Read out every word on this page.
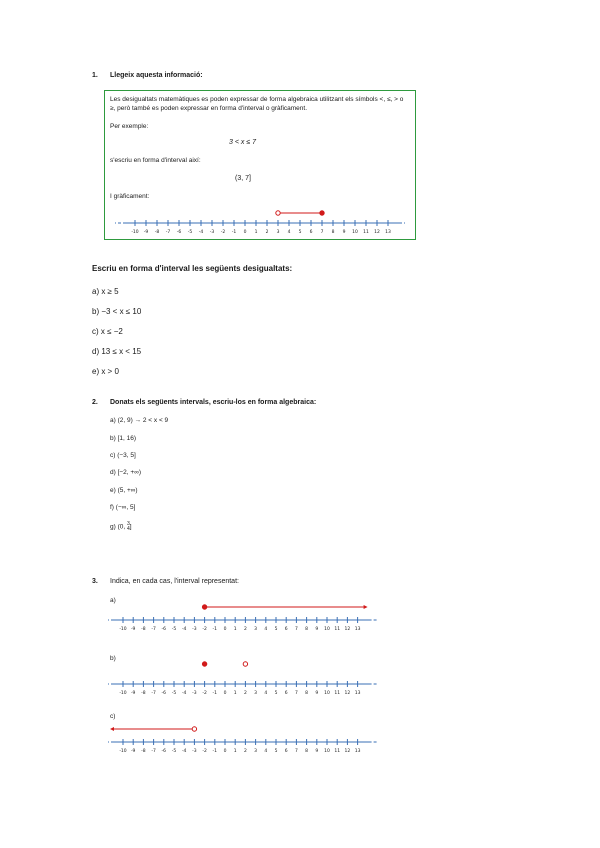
1. Llegeix aquesta informació:
Les desigualtats matemàtiques es poden expressar de forma algebraica utilitzant els símbols <, ≤, > o ≥, però també es poden expressar en forma d'interval o gràficament.
Per exemple:
3 < x ≤ 7
s'escriu en forma d'interval així:
(3, 7]
I gràficament:
-10 -9 -8 -7 -6 -5 -4 -3 -2 -1 0 1 2 3 4 5 6 7 8 9 10 11 12 13
Escriu en forma d'interval les següents desigualtats:
a) x ≥ 5
b) −3 < x ≤ 10
c) x ≤ −2
d) 13 ≤ x < 15
e) x > 0
2. Donats els següents intervals, escriu-los en forma algebraica:
a) (2, 9) → 2 < x < 9
b) [1, 16)
c) (−3, 5]
d) [−2, +∞)
e) (5, +∞)
f) (−∞, 5]
g) (0, 3
4]
3. Indica, en cada cas, l'interval representat:
a)
-10 -9 -8 -7 -6 -5 -4 -3 -2 -1 0 1 2 3 4 5 6 7 8 9 10 11 12 13
b)
-10 -9 -8 -7 -6 -5 -4 -3 -2 -1 0 1 2 3 4 5 6 7 8 9 10 11 12 13
c)
-10 -9 -8 -7 -6 -5 -4 -3 -2 -1 0 1 2 3 4 5 6 7 8 9 10 11 12 13
